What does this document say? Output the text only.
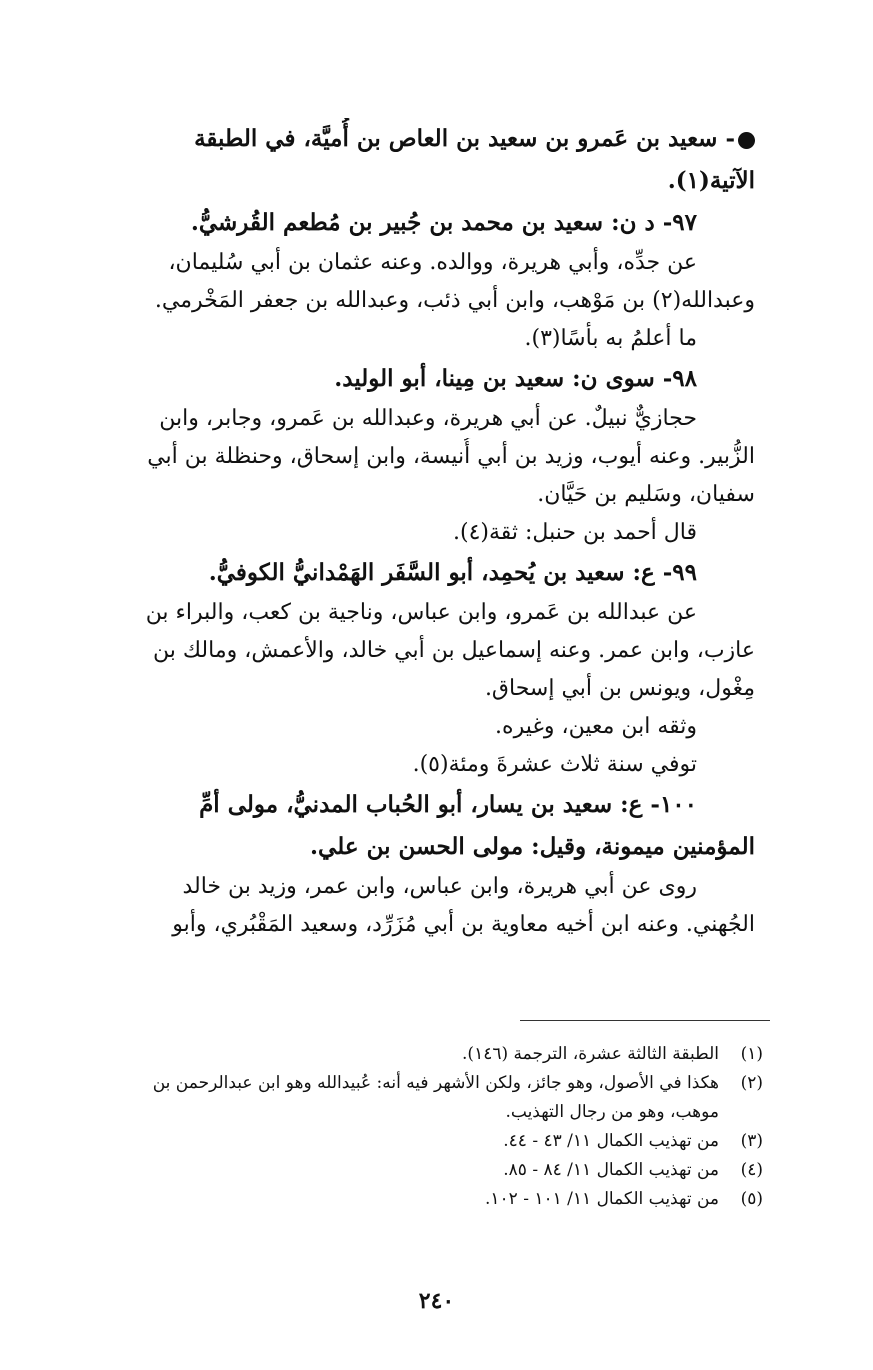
- سعيد بن عَمرو بن سعيد بن العاص بن أُميَّة، في الطبقة

الآتية(١).

٩٧- د ن: سعيد بن محمد بن جُبير بن مُطعم القُرشيُّ.

عن جدِّه، وأبي هريرة، ووالده. وعنه عثمان بن أبي سُليمان،

وعبدالله(٢) بن مَوْهب، وابن أبي ذئب، وعبدالله بن جعفر المَخْرمي.

ما أعلمُ به بأسًا(٣).

٩٨- سوى ن: سعيد بن مِينا، أبو الوليد.

حجازيٌّ نبيلٌ. عن أبي هريرة، وعبدالله بن عَمرو، وجابر، وابن

الزُّبير. وعنه أيوب، وزيد بن أبي أُنيسة، وابن إسحاق، وحنظلة بن أبي

سفيان، وسَليم بن حَيَّان.

قال أحمد بن حنبل: ثقة(٤).

٩٩- ع: سعيد بن يُحمِد، أبو السَّفَر الهَمْدانيُّ الكوفيُّ.

عن عبدالله بن عَمرو، وابن عباس، وناجية بن كعب، والبراء بن

عازب، وابن عمر. وعنه إسماعيل بن أبي خالد، والأعمش، ومالك بن

مِغْول، ويونس بن أبي إسحاق.

وثقه ابن معين، وغيره.

توفي سنة ثلاث عشرةَ ومئة(٥).

١٠٠- ع: سعيد بن يسار، أبو الحُباب المدنيُّ، مولى أمِّ

المؤمنين ميمونة، وقيل: مولى الحسن بن علي.

روى عن أبي هريرة، وابن عباس، وابن عمر، وزيد بن خالد

الجُهني. وعنه ابن أخيه معاوية بن أبي مُزَرِّد، وسعيد المَقْبُري، وأبو

(١)الطبقة الثالثة عشرة، الترجمة (١٤٦).

(٢)هكذا في الأصول، وهو جائز، ولكن الأشهر فيه أنه: عُبيدالله وهو ابن عبدالرحمن بن

موهب، وهو من رجال التهذيب.

(٣)من تهذيب الكمال ١١/ ٤٣ - ٤٤.

(٤)من تهذيب الكمال ١١/ ٨٤ - ٨٥.

(٥)من تهذيب الكمال ١١/ ١٠١ - ١٠٢.

٢٤٠
